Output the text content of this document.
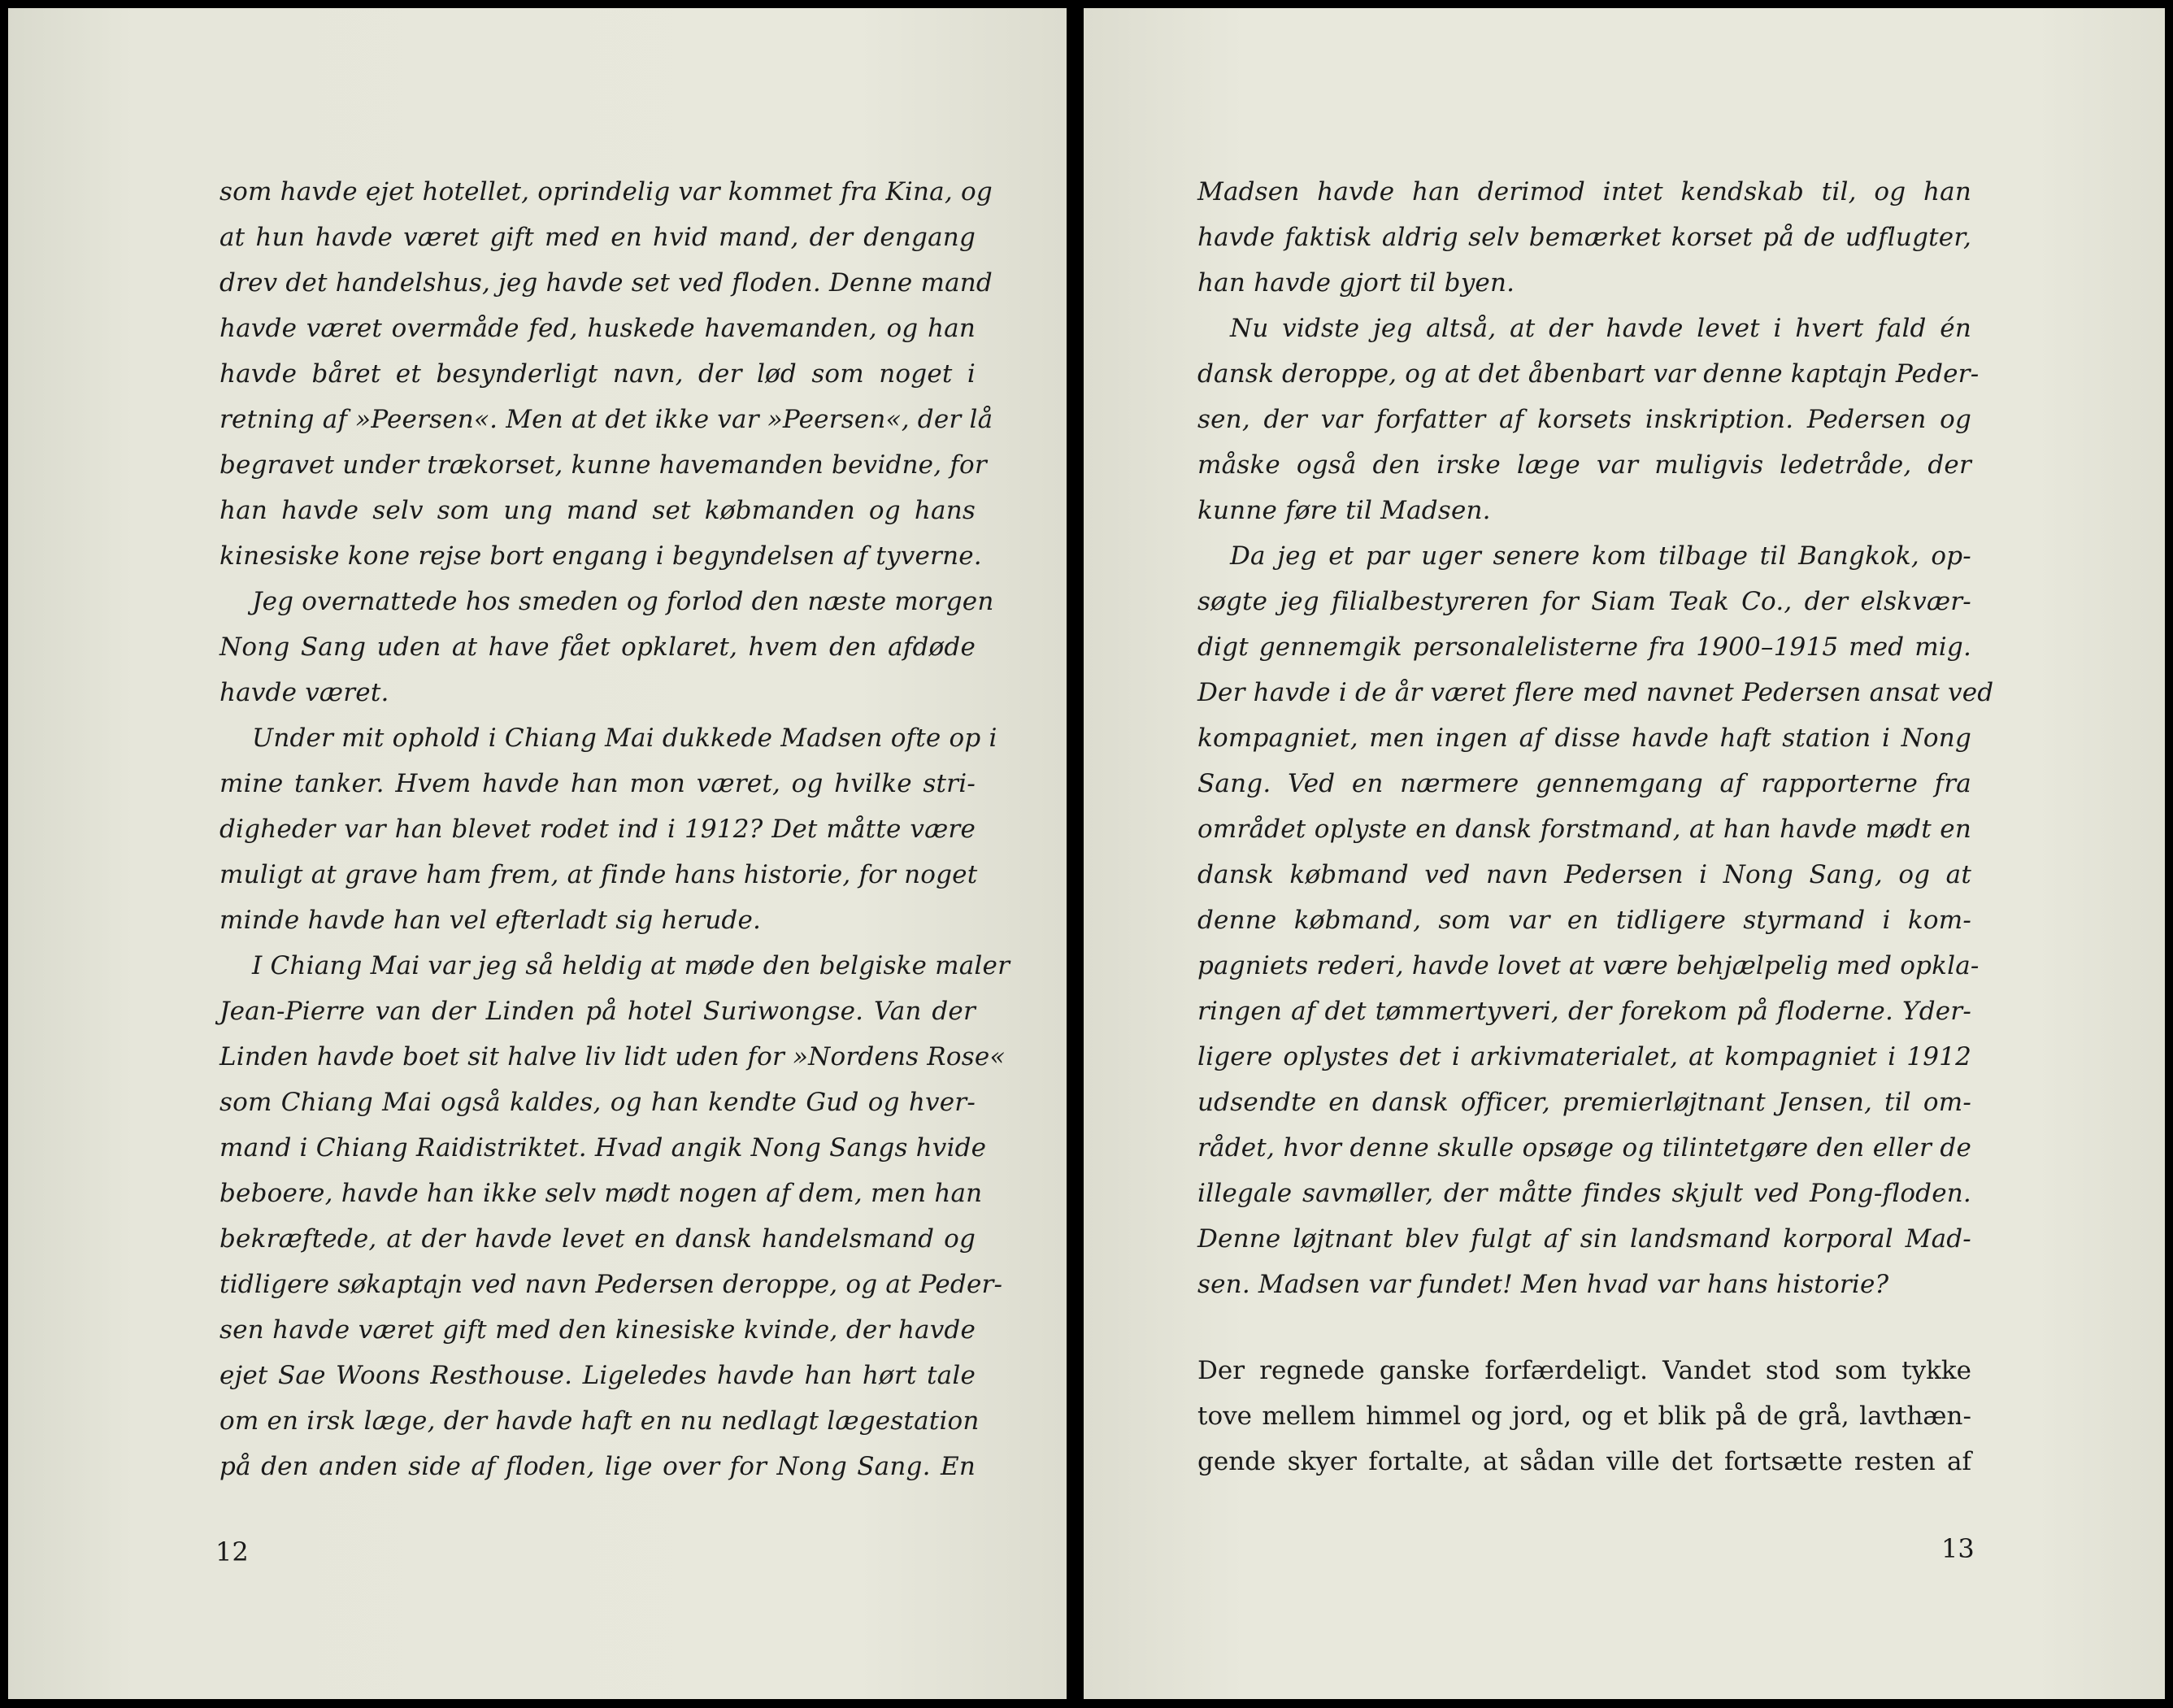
som havde ejet hotellet, oprindelig var kommet fra Kina, og
at hun havde været gift med en hvid mand, der dengang
drev det handelshus, jeg havde set ved floden. Denne mand
havde været overmåde fed, huskede havemanden, og han
havde båret et besynderligt navn, der lød som noget i
retning af »Peersen«. Men at det ikke var »Peersen«, der lå
begravet under trækorset, kunne havemanden bevidne, for
han havde selv som ung mand set købmanden og hans
kinesiske kone rejse bort engang i begyndelsen af tyverne.

Jeg overnattede hos smeden og forlod den næste morgen
Nong Sang uden at have fået opklaret, hvem den afdøde
havde været.

Under mit ophold i Chiang Mai dukkede Madsen ofte op i
mine tanker. Hvem havde han mon været, og hvilke stri-
digheder var han blevet rodet ind i 1912? Det måtte være
muligt at grave ham frem, at finde hans historie, for noget
minde havde han vel efterladt sig herude.

I Chiang Mai var jeg så heldig at møde den belgiske maler
Jean-Pierre van der Linden på hotel Suriwongse. Van der
Linden havde boet sit halve liv lidt uden for »Nordens Rose«
som Chiang Mai også kaldes, og han kendte Gud og hver-
mand i Chiang Raidistriktet. Hvad angik Nong Sangs hvide
beboere, havde han ikke selv mødt nogen af dem, men han
bekræftede, at der havde levet en dansk handelsmand og
tidligere søkaptajn ved navn Pedersen deroppe, og at Peder-
sen havde været gift med den kinesiske kvinde, der havde
ejet Sae Woons Resthouse. Ligeledes havde han hørt tale
om en irsk læge, der havde haft en nu nedlagt lægestation
på den anden side af floden, lige over for Nong Sang. En

12

Madsen havde han derimod intet kendskab til, og han
havde faktisk aldrig selv bemærket korset på de udflugter,
han havde gjort til byen.

Nu vidste jeg altså, at der havde levet i hvert fald én
dansk deroppe, og at det åbenbart var denne kaptajn Peder-
sen, der var forfatter af korsets inskription. Pedersen og
måske også den irske læge var muligvis ledetråde, der
kunne føre til Madsen.

Da jeg et par uger senere kom tilbage til Bangkok, op-
søgte jeg filialbestyreren for Siam Teak Co., der elskvær-
digt gennemgik personalelisterne fra 1900–1915 med mig.
Der havde i de år været flere med navnet Pedersen ansat ved
kompagniet, men ingen af disse havde haft station i Nong
Sang. Ved en nærmere gennemgang af rapporterne fra
området oplyste en dansk forstmand, at han havde mødt en
dansk købmand ved navn Pedersen i Nong Sang, og at
denne købmand, som var en tidligere styrmand i kom-
pagniets rederi, havde lovet at være behjælpelig med opkla-
ringen af det tømmertyveri, der forekom på floderne. Yder-
ligere oplystes det i arkivmaterialet, at kompagniet i 1912
udsendte en dansk officer, premierløjtnant Jensen, til om-
rådet, hvor denne skulle opsøge og tilintetgøre den eller de
illegale savmøller, der måtte findes skjult ved Pong-floden.
Denne løjtnant blev fulgt af sin landsmand korporal Mad-
sen. Madsen var fundet! Men hvad var hans historie?

Der regnede ganske forfærdeligt. Vandet stod som tykke
tove mellem himmel og jord, og et blik på de grå, lavthæn-
gende skyer fortalte, at sådan ville det fortsætte resten af

13
